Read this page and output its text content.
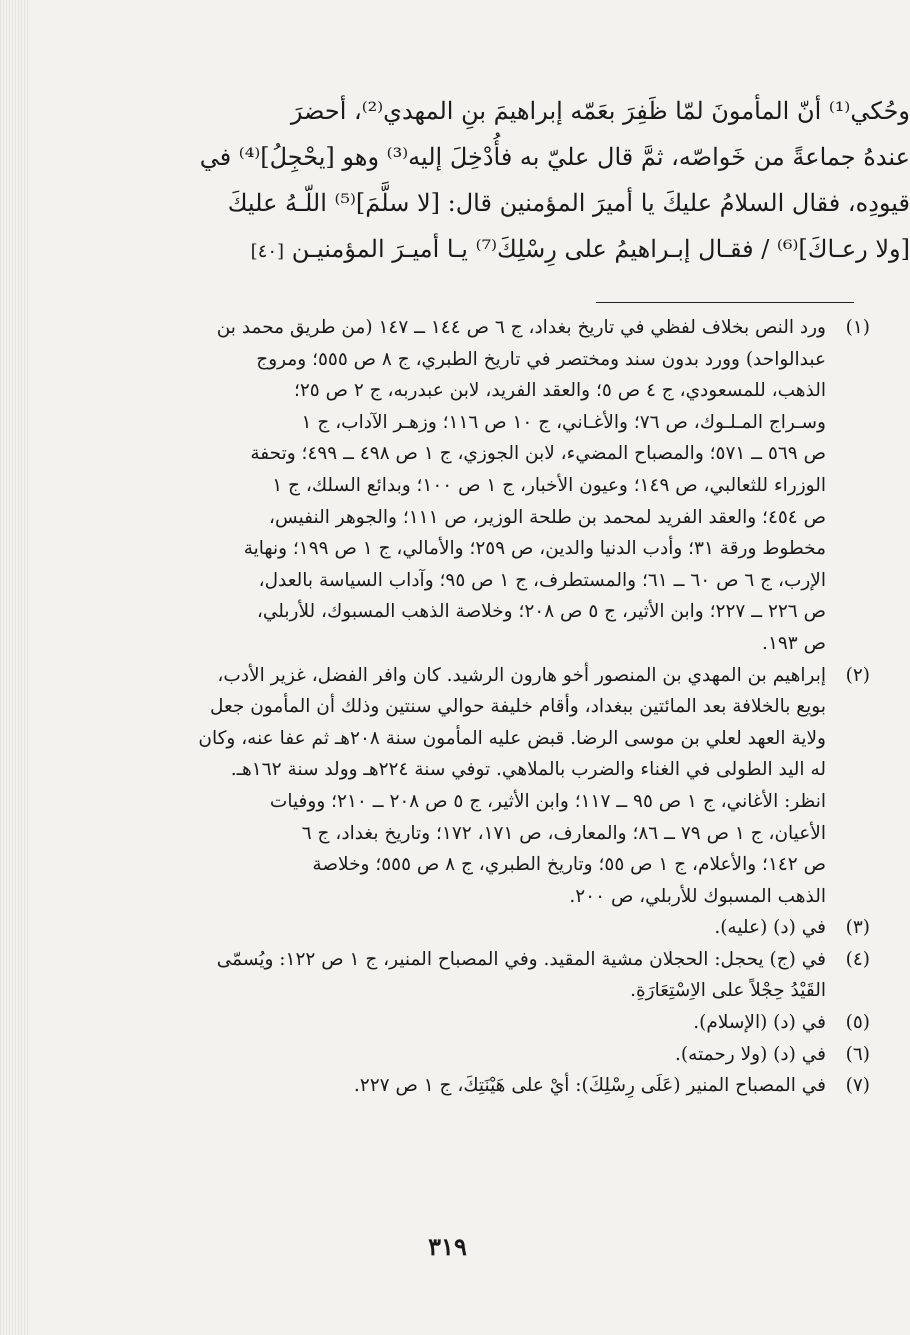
وحُكي⁽¹⁾ أنّ المأمونَ لمّا ظَفِرَ بعَمّه إبراهيمَ بنِ المهدي⁽²⁾، أحضرَ
عندهُ جماعةً من خَواصّه، ثمَّ قال عليّ به فأُدْخِلَ إليه⁽³⁾ وهو [يحْجِلُ]⁽⁴⁾ في
قيودِه، فقال السلامُ عليكَ يا أميرَ المؤمنين قال: [لا سلَّمَ]⁽⁵⁾ اللّـهُ عليكَ
[ولا رعـاكَ]⁽⁶⁾ / فقـال إبـراهيمُ على رِسْلِكَ⁽⁷⁾ يـا أميـرَ المؤمنيـن [٤٠]
(١)
ورد النص بخلاف لفظي في تاريخ بغداد، ج ٦ ص ١٤٤ ــ ١٤٧ (من طريق محمد بن
عبدالواحد) وورد بدون سند ومختصر في تاريخ الطبري، ج ٨ ص ٥٥٥؛ ومروج
الذهب، للمسعودي، ج ٤ ص ٥؛ والعقد الفريد، لابن عبدربه، ج ٢ ص ٢٥؛
وسـراج المـلـوك، ص ٧٦؛ والأغـاني، ج ١٠ ص ١١٦؛ وزهـر الآداب، ج ١
ص ٥٦٩ ــ ٥٧١؛ والمصباح المضيء، لابن الجوزي، ج ١ ص ٤٩٨ ــ ٤٩٩؛ وتحفة
الوزراء للثعالبي، ص ١٤٩؛ وعيون الأخبار، ج ١ ص ١٠٠؛ وبدائع السلك، ج ١
ص ٤٥٤؛ والعقد الفريد لمحمد بن طلحة الوزير، ص ١١١؛ والجوهر النفيس،
مخطوط ورقة ٣١؛ وأدب الدنيا والدين، ص ٢٥٩؛ والأمالي، ج ١ ص ١٩٩؛ ونهاية
الإرب، ج ٦ ص ٦٠ ــ ٦١؛ والمستطرف، ج ١ ص ٩٥؛ وآداب السياسة بالعدل،
ص ٢٢٦ ــ ٢٢٧؛ وابن الأثير، ج ٥ ص ٢٠٨؛ وخلاصة الذهب المسبوك، للأربلي،
ص ١٩٣.
(٢)
إبراهيم بن المهدي بن المنصور أخو هارون الرشيد. كان وافر الفضل، غزير الأدب،
بويع بالخلافة بعد المائتين ببغداد، وأقام خليفة حوالي سنتين وذلك أن المأمون جعل
ولاية العهد لعلي بن موسى الرضا. قبض عليه المأمون سنة ٢٠٨هـ ثم عفا عنه، وكان
له اليد الطولى في الغناء والضرب بالملاهي. توفي سنة ٢٢٤هـ وولد سنة ١٦٢هـ.
انظر: الأغاني، ج ١ ص ٩٥ ــ ١١٧؛ وابن الأثير، ج ٥ ص ٢٠٨ ــ ٢١٠؛ ووفيات
الأعيان، ج ١ ص ٧٩ ــ ٨٦؛ والمعارف، ص ١٧١، ١٧٢؛ وتاريخ بغداد، ج ٦
ص ١٤٢؛ والأعلام، ج ١ ص ٥٥؛ وتاريخ الطبري، ج ٨ ص ٥٥٥؛ وخلاصة
الذهب المسبوك للأربلي، ص ٢٠٠.
(٣)
في (د) (عليه).
(٤)
في (ج) يحجل: الحجلان مشية المقيد. وفي المصباح المنير، ج ١ ص ١٢٢: ويُسمّى
القَيْدُ حِجْلاً على الاِسْتِعَارَةِ.
(٥)
في (د) (الإسلام).
(٦)
في (د) (ولا رحمته).
(٧)
في المصباح المنير (عَلَى رِسْلِكَ): أيْ على هَيْنَتِكَ، ج ١ ص ٢٢٧.
٣١٩
